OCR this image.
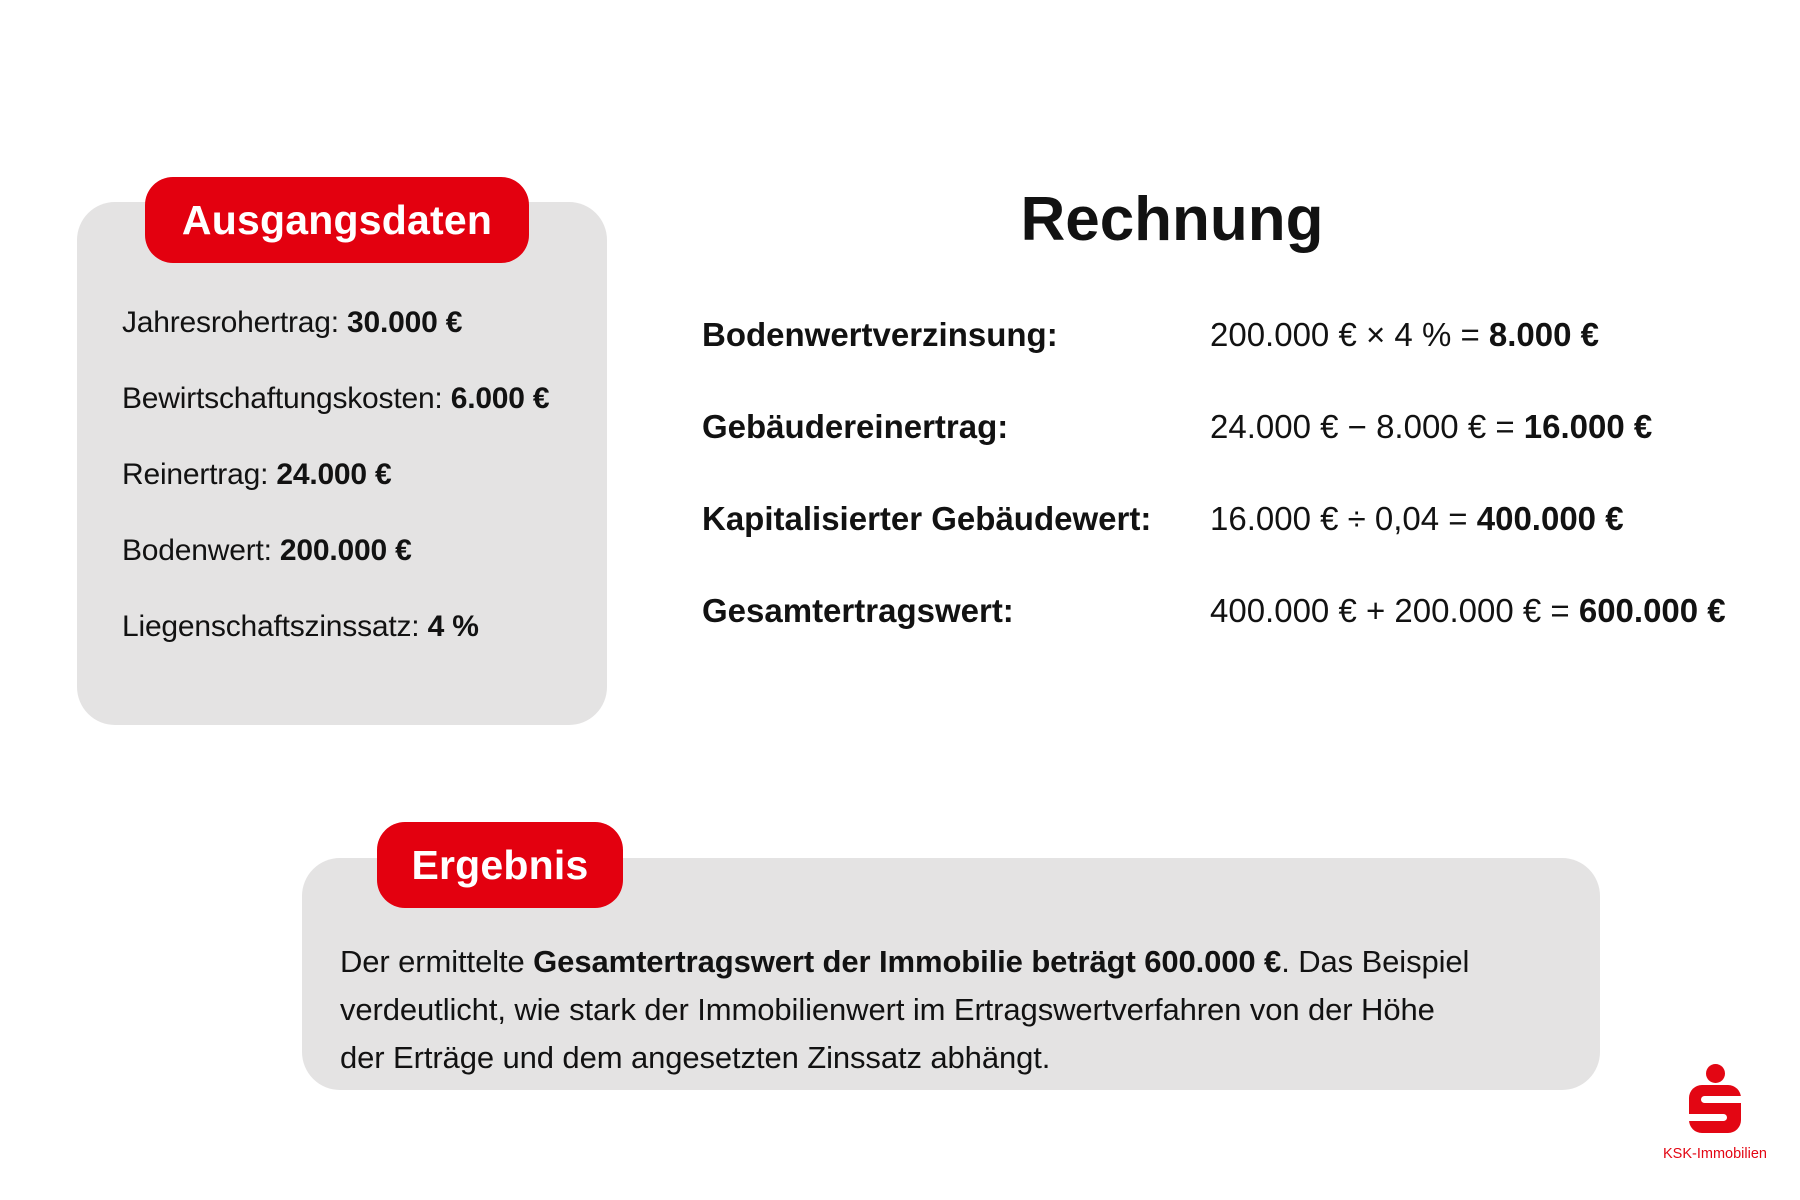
Ausgangsdaten
Jahresrohertrag: 30.000 €
Bewirtschaftungskosten: 6.000 €
Reinertrag: 24.000 €
Bodenwert: 200.000 €
Liegenschaftszinssatz: 4 %
Rechnung
Bodenwertverzinsung:	200.000 € × 4 % = 8.000 €
Gebäudereinertrag:	24.000 € − 8.000 € = 16.000 €
Kapitalisierter Gebäudewert:	16.000 € ÷ 0,04 = 400.000 €
Gesamtertragswert:	400.000 € + 200.000 € = 600.000 €
Ergebnis
Der ermittelte Gesamtertragswert der Immobilie beträgt 600.000 €. Das Beispiel
verdeutlicht, wie stark der Immobilienwert im Ertragswertverfahren von der Höhe
der Erträge und dem angesetzten Zinssatz abhängt.
KSK-Immobilien
